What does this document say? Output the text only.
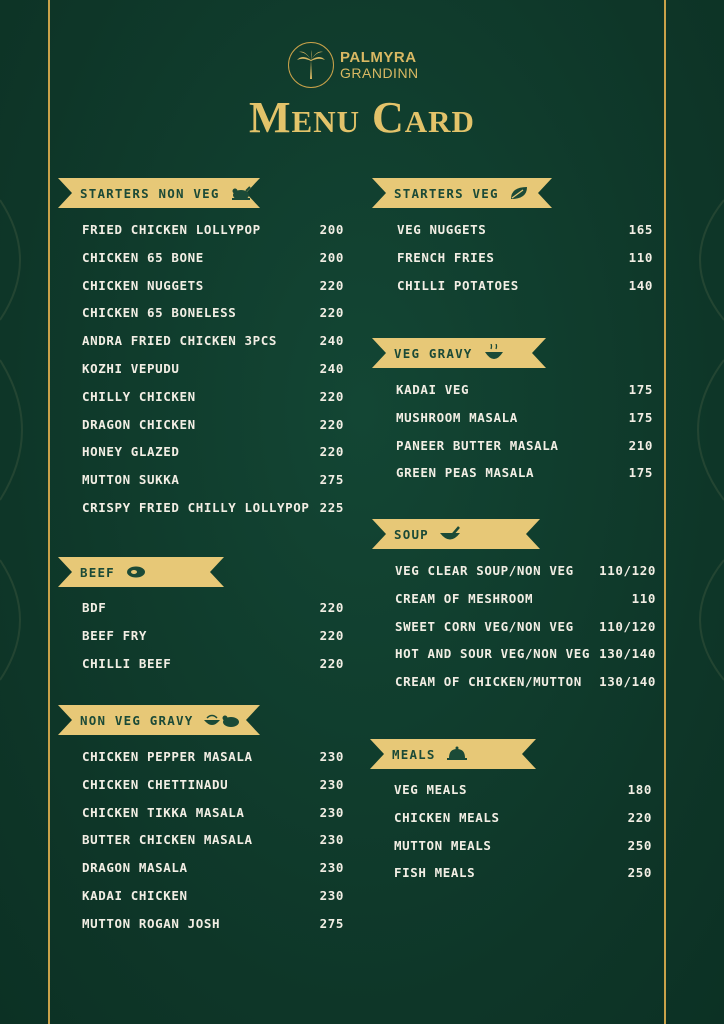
PALMYRA
GRANDINN
Menu Card
STARTERS NON VEG
FRIED CHICKEN LOLLYPOP	200
CHICKEN 65 BONE	200
CHICKEN NUGGETS	220
CHICKEN 65 BONELESS	220
ANDRA FRIED CHICKEN 3PCS	240
KOZHI VEPUDU	240
CHILLY CHICKEN	220
DRAGON CHICKEN	220
HONEY GLAZED	220
MUTTON SUKKA	275
CRISPY FRIED CHILLY LOLLYPOP 225
BEEF
BDF	220
BEEF FRY	220
CHILLI BEEF	220
NON VEG GRAVY
CHICKEN PEPPER MASALA	230
CHICKEN CHETTINADU	230
CHICKEN TIKKA MASALA	230
BUTTER CHICKEN MASALA	230
DRAGON MASALA	230
KADAI CHICKEN	230
MUTTON ROGAN JOSH	275
STARTERS VEG
VEG NUGGETS	165
FRENCH FRIES	110
CHILLI POTATOES	140
VEG GRAVY
KADAI VEG	175
MUSHROOM MASALA	175
PANEER BUTTER MASALA	210
GREEN PEAS MASALA	175
SOUP
VEG CLEAR SOUP/NON VEG 110/120
CREAM OF MESHROOM	110
SWEET CORN VEG/NON VEG 110/120
HOT AND SOUR VEG/NON VEG 130/140
CREAM OF CHICKEN/MUTTON 130/140
MEALS
VEG MEALS	180
CHICKEN MEALS	220
MUTTON MEALS	250
FISH MEALS	250
